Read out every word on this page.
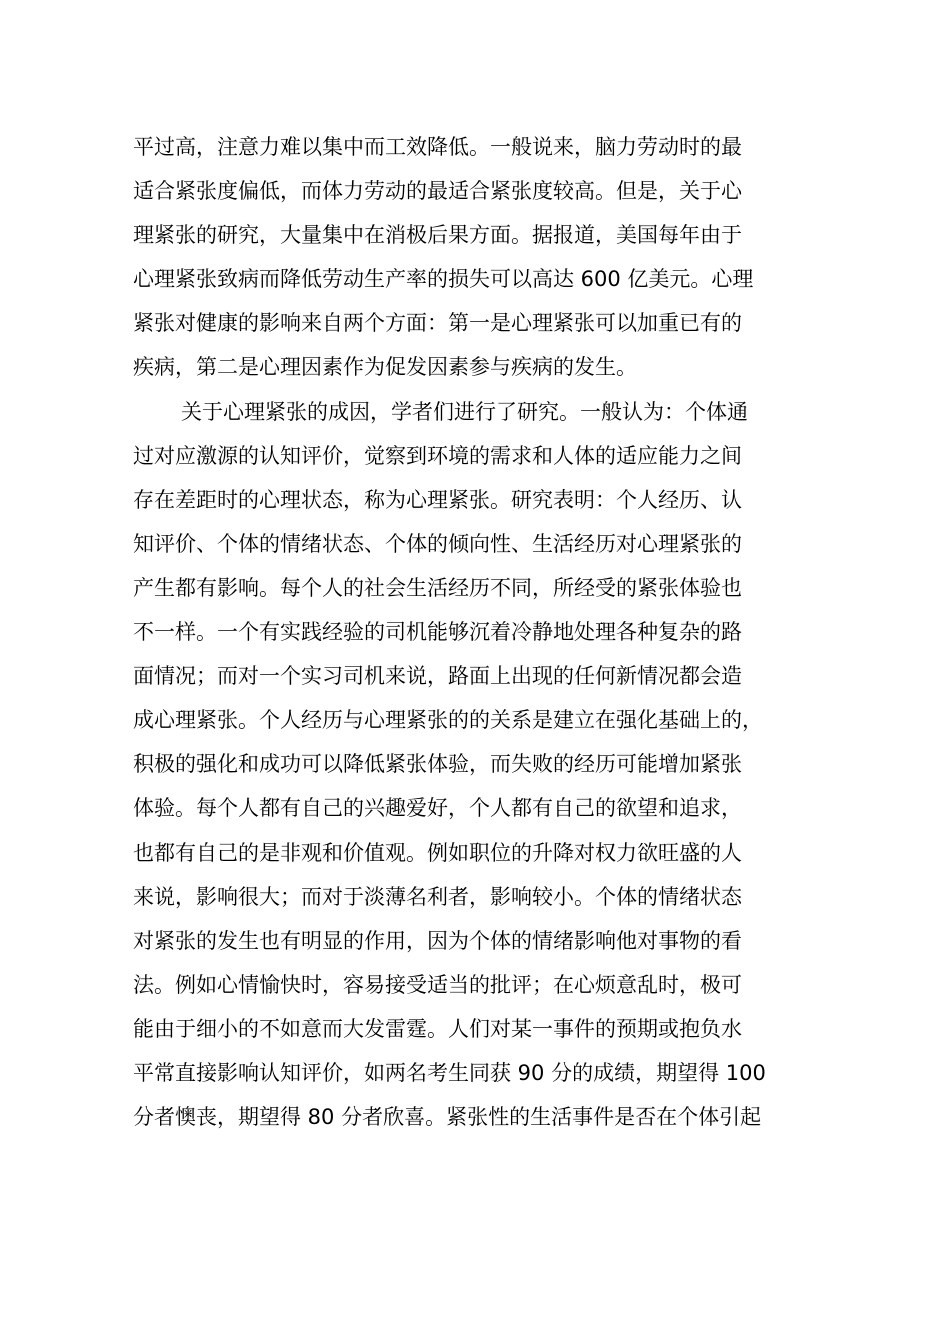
平过高，注意力难以集中而工效降低。一般说来，脑力劳动时的最
适合紧张度偏低，而体力劳动的最适合紧张度较高。但是，关于心
理紧张的研究，大量集中在消极后果方面。据报道，美国每年由于
心理紧张致病而降低劳动生产率的损失可以高达 600 亿美元。心理
紧张对健康的影响来自两个方面：第一是心理紧张可以加重已有的
疾病，第二是心理因素作为促发因素参与疾病的发生。
关于心理紧张的成因，学者们进行了研究。一般认为：个体通
过对应激源的认知评价，觉察到环境的需求和人体的适应能力之间
存在差距时的心理状态，称为心理紧张。研究表明：个人经历、认
知评价、个体的情绪状态、个体的倾向性、生活经历对心理紧张的
产生都有影响。每个人的社会生活经历不同，所经受的紧张体验也
不一样。一个有实践经验的司机能够沉着冷静地处理各种复杂的路
面情况；而对一个实习司机来说，路面上出现的任何新情况都会造
成心理紧张。个人经历与心理紧张的的关系是建立在强化基础上的，
积极的强化和成功可以降低紧张体验，而失败的经历可能增加紧张
体验。每个人都有自己的兴趣爱好，个人都有自己的欲望和追求，
也都有自己的是非观和价值观。例如职位的升降对权力欲旺盛的人
来说，影响很大；而对于淡薄名利者，影响较小。个体的情绪状态
对紧张的发生也有明显的作用，因为个体的情绪影响他对事物的看
法。例如心情愉快时，容易接受适当的批评；在心烦意乱时，极可
能由于细小的不如意而大发雷霆。人们对某一事件的预期或抱负水
平常直接影响认知评价，如两名考生同获 90 分的成绩，期望得 100
分者懊丧，期望得 80 分者欣喜。紧张性的生活事件是否在个体引起
